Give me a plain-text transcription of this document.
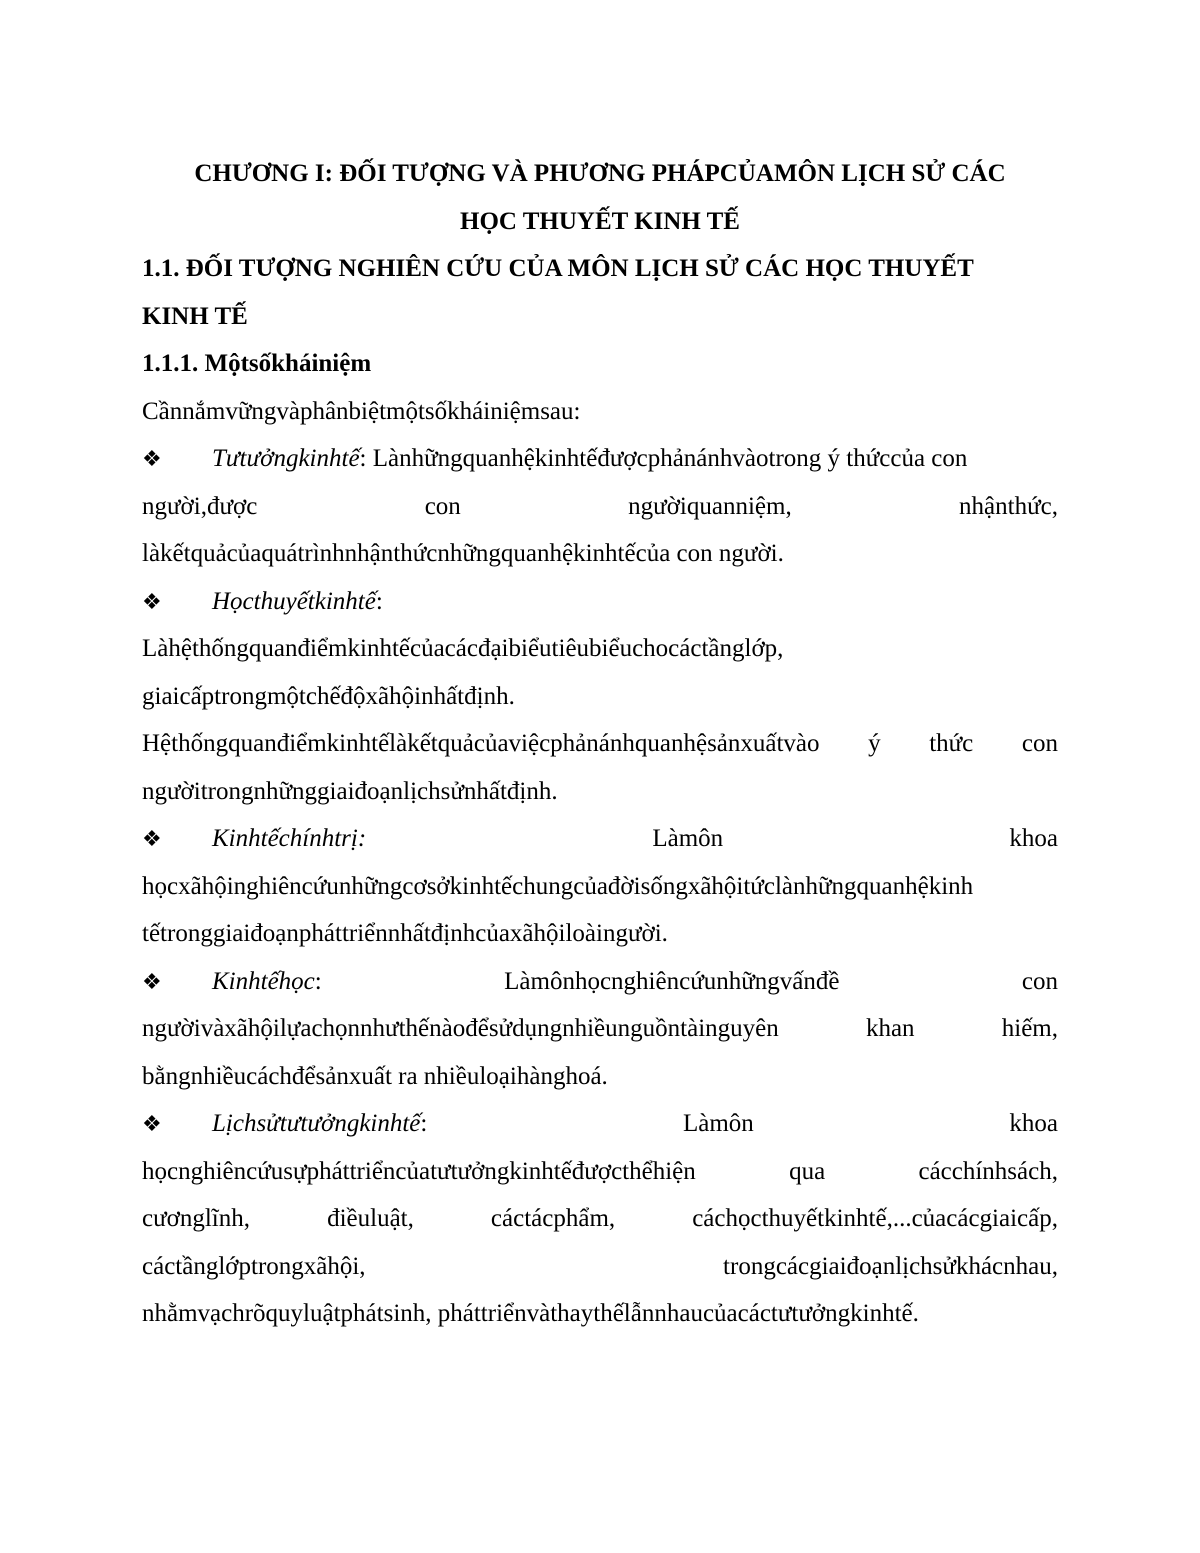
CHƯƠNG I: ĐỐI TƯỢNG VÀ PHƯƠNG PHÁPCỦAMÔN LỊCH SỬ CÁC

HỌC THUYẾT KINH TẾ

1.1. ĐỐI TƯỢNG NGHIÊN CỨU CỦA MÔN LỊCH SỬ CÁC HỌC THUYẾT

KINH TẾ

1.1.1. Mộtsốkháiniệm

Cầnnắmvữngvàphânbiệtmộtsốkháiniệmsau:

❖	Tưtưởngkinhtế: Lànhữngquanhệkinhtếđượcphảnánhvàotrong ý thứccủa con
người,được	con	ngườiquanniệm,	nhậnthức,

làkếtquảcủaquátrìnhnhậnthứcnhữngquanhệkinhtếcủa con người.

❖	Họcthuyếtkinhtế:

Làhệthốngquanđiểmkinhtếcủacácđạibiểutiêubiểuchocáctầnglớp,

giaicấptrongmộtchếđộxãhộinhấtđịnh.

Hệthốngquanđiểmkinhtếlàkếtquảcủaviệcphảnánhquanhệsảnxuấtvào ý thức con

ngườitrongnhữnggiaiđoạnlịchsửnhấtđịnh.

❖	Kinhtếchínhtrị:	Làmôn	khoa

họcxãhộinghiêncứunhữngcơsởkinhtếchungcủađờisốngxãhộitứclànhữngquanhệkinh

tếtronggiaiđoạnpháttriểnnhấtđịnhcủaxãhộiloàingười.

❖	Kinhtếhọc:	Làmônhọcnghiêncứunhữngvấnđề	con
ngườivàxãhộilựachọnnhưthếnàođểsửdụngnhiềunguồntàinguyên	khan	hiếm,

bằngnhiềucáchđểsảnxuất ra nhiềuloạihànghoá.

❖	Lịchsửtưtưởngkinhtế:	Làmôn	khoa
họcnghiêncứusựpháttriểncủatưtưởngkinhtếđượcthểhiện	qua	cácchínhsách,
cươnglĩnh,	điềuluật,	cáctácphẩm,	cáchọcthuyếtkinhtế,...củacácgiaicấp,
cáctầnglớptrongxãhội,	trongcácgiaiđoạnlịchsửkhácnhau,

nhằmvạchrõquyluậtphátsinh, pháttriểnvàthaythếlẫnnhaucủacáctưtưởngkinhtế.
